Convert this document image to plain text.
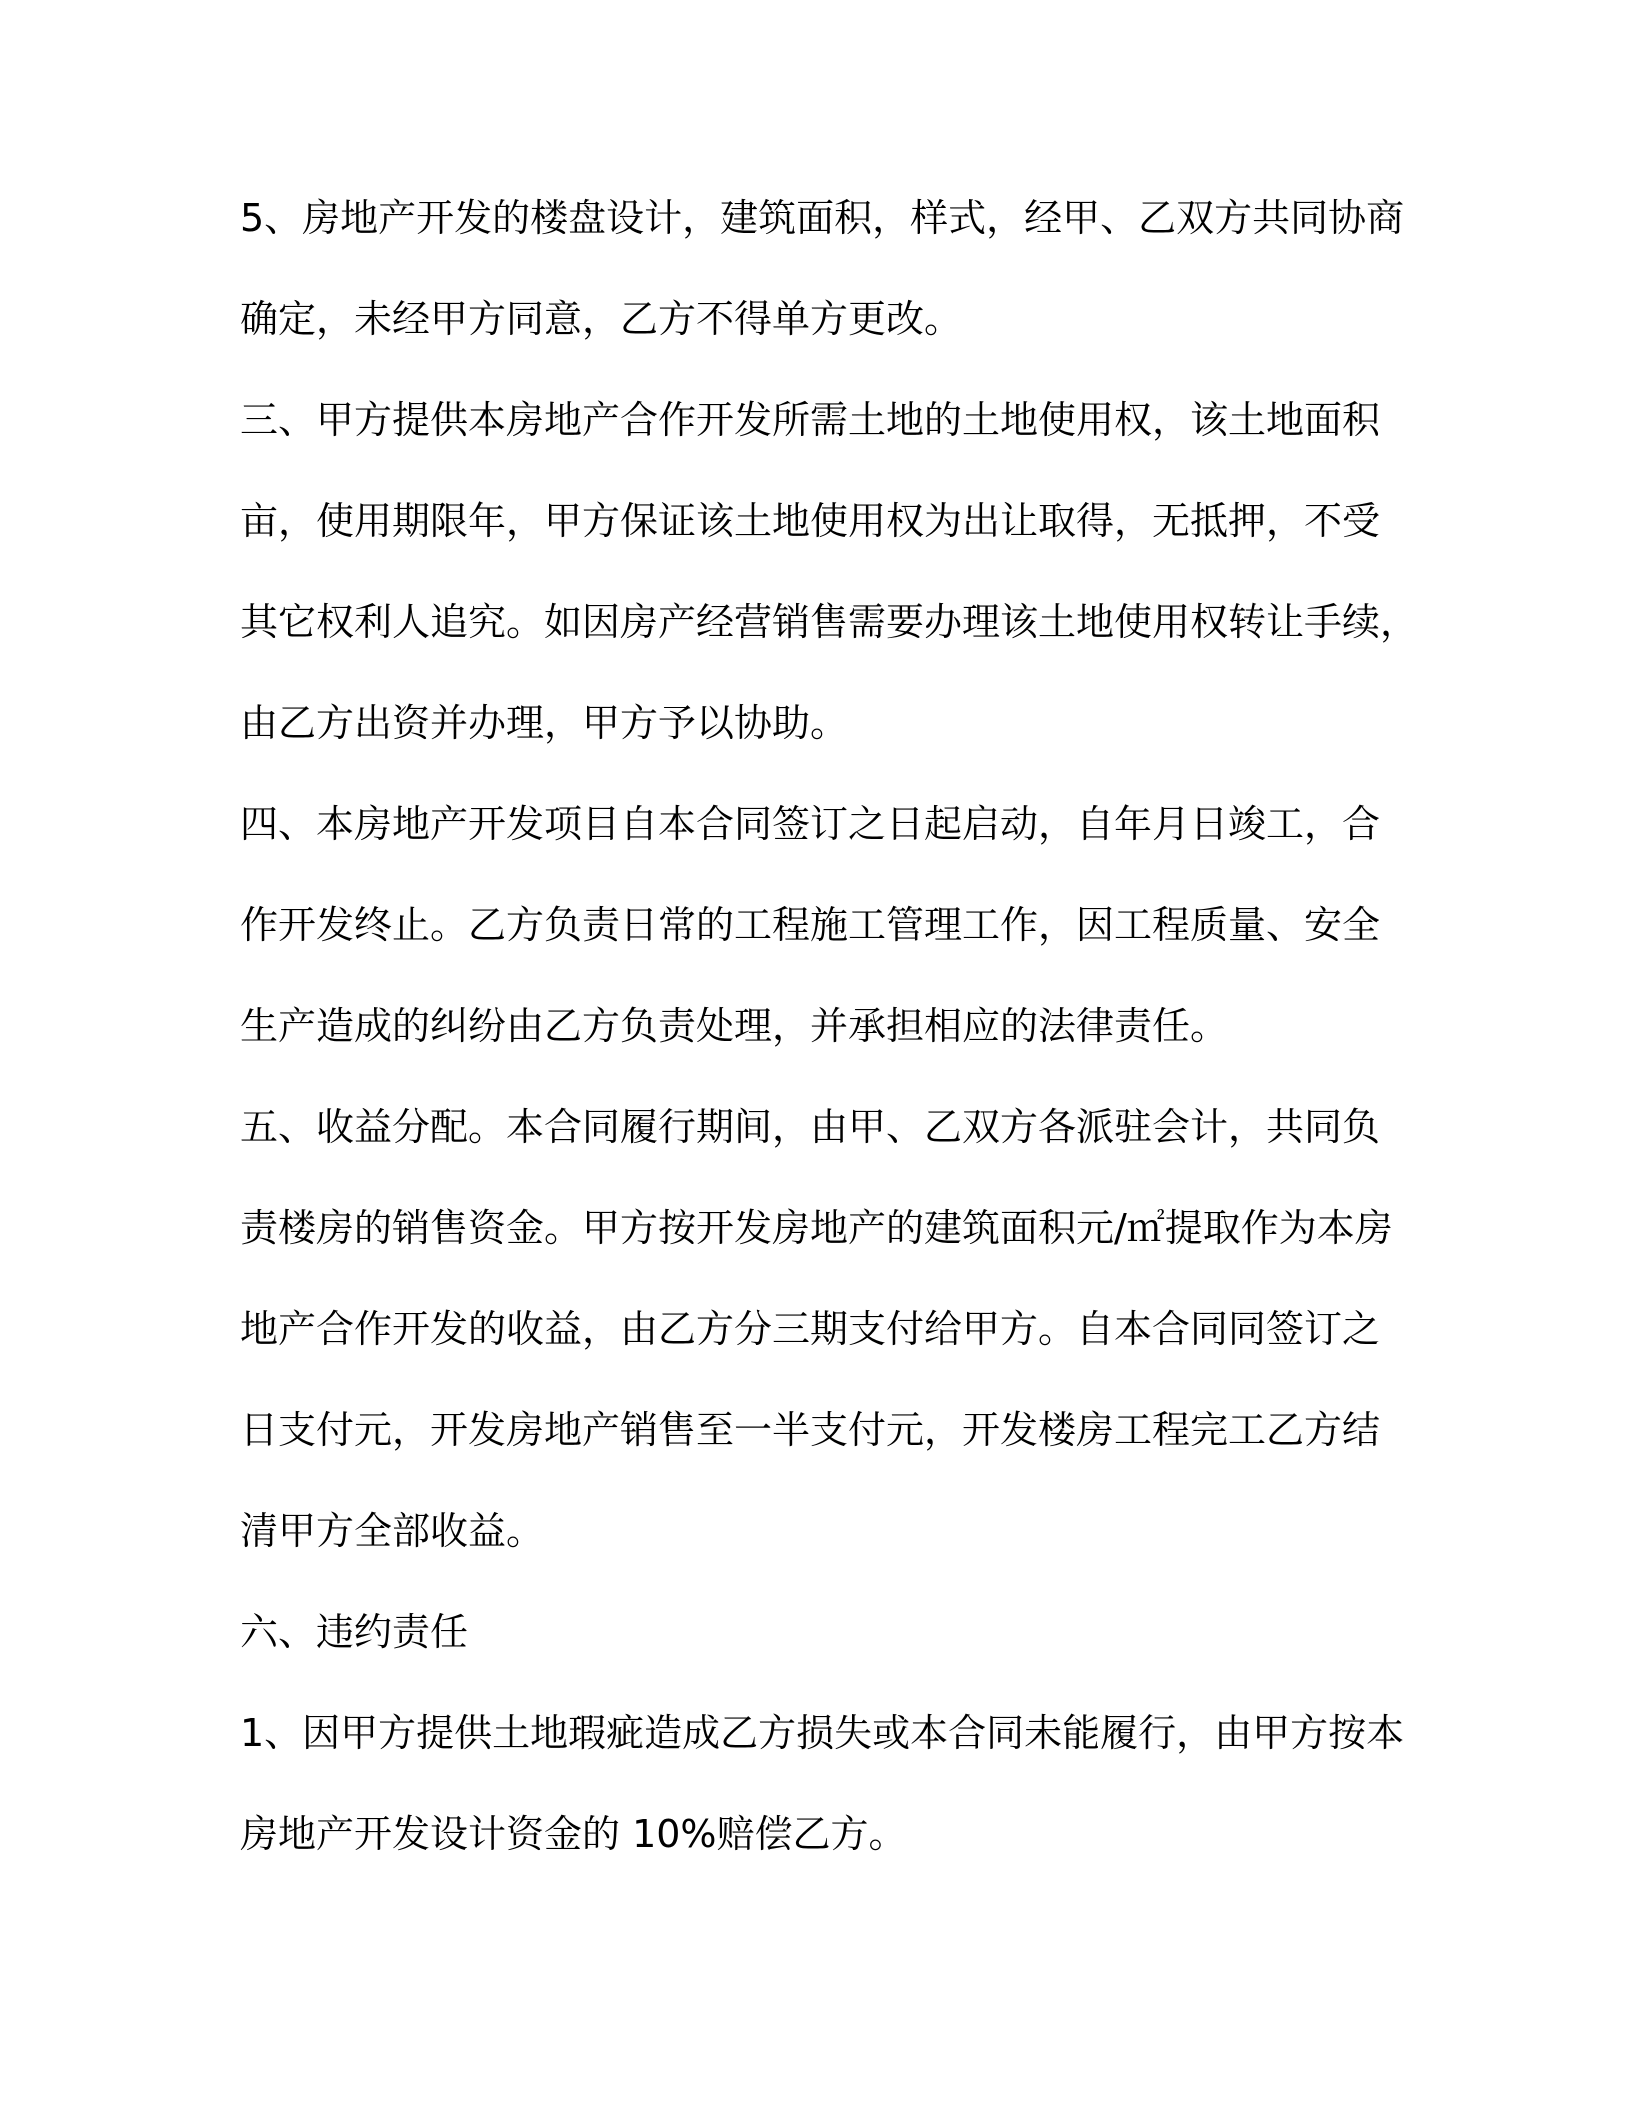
5、房地产开发的楼盘设计，建筑面积，样式，经甲、乙双方共同协商
确定，未经甲方同意，乙方不得单方更改。
三、甲方提供本房地产合作开发所需土地的土地使用权，该土地面积
亩，使用期限年，甲方保证该土地使用权为出让取得，无抵押，不受
其它权利人追究。如因房产经营销售需要办理该土地使用权转让手续，
由乙方出资并办理，甲方予以协助。
四、本房地产开发项目自本合同签订之日起启动，自年月日竣工，合
作开发终止。乙方负责日常的工程施工管理工作，因工程质量、安全
生产造成的纠纷由乙方负责处理，并承担相应的法律责任。
五、收益分配。本合同履行期间，由甲、乙双方各派驻会计，共同负
责楼房的销售资金。甲方按开发房地产的建筑面积元/㎡提取作为本房
地产合作开发的收益，由乙方分三期支付给甲方。自本合同同签订之
日支付元，开发房地产销售至一半支付元，开发楼房工程完工乙方结
清甲方全部收益。
六、违约责任
1、因甲方提供土地瑕疵造成乙方损失或本合同未能履行，由甲方按本
房地产开发设计资金的 10%赔偿乙方。
